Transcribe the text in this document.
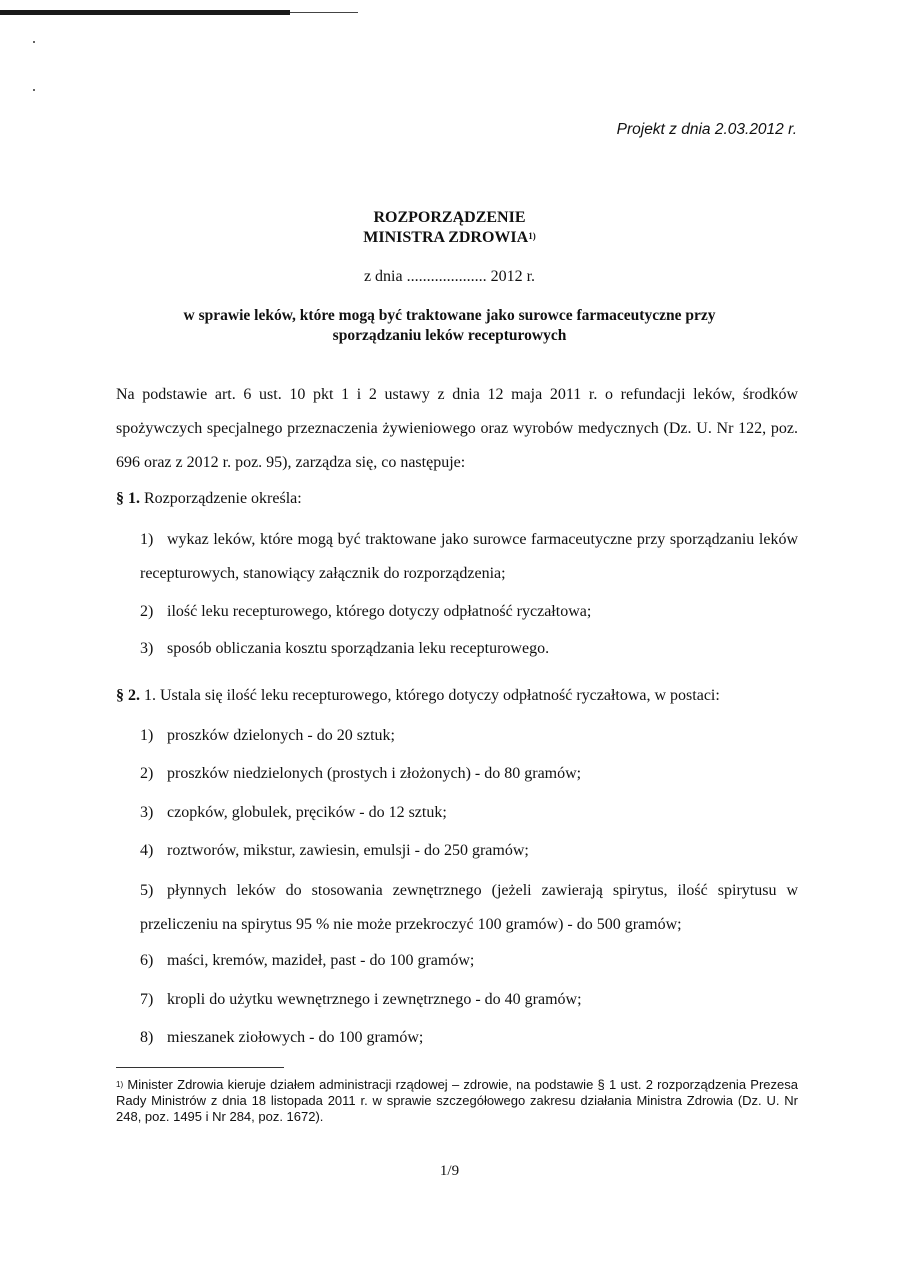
Projekt z dnia 2.03.2012 r.
ROZPORZĄDZENIE
MINISTRA ZDROWIA$^{1)}$
z dnia .................... 2012 r.
w sprawie leków, które mogą być traktowane jako surowce farmaceutyczne przy
sporządzaniu leków recepturowych
Na podstawie art. 6 ust. 10 pkt 1 i 2 ustawy z dnia 12 maja 2011 r. o refundacji leków, środków spożywczych specjalnego przeznaczenia żywieniowego oraz wyrobów medycznych (Dz. U. Nr 122, poz. 696 oraz z 2012 r. poz. 95), zarządza się, co następuje:
§ 1. Rozporządzenie określa:
1) wykaz leków, które mogą być traktowane jako surowce farmaceutyczne przy sporządzaniu leków recepturowych, stanowiący załącznik do rozporządzenia;
2) ilość leku recepturowego, którego dotyczy odpłatność ryczałtowa;
3) sposób obliczania kosztu sporządzania leku recepturowego.
§ 2. 1. Ustala się ilość leku recepturowego, którego dotyczy odpłatność ryczałtowa, w postaci:
1) proszków dzielonych - do 20 sztuk;
2) proszków niedzielonych (prostych i złożonych) - do 80 gramów;
3) czopków, globulek, pręcików - do 12 sztuk;
4) roztworów, mikstur, zawiesin, emulsji - do 250 gramów;
5) płynnych leków do stosowania zewnętrznego (jeżeli zawierają spirytus, ilość spirytusu w przeliczeniu na spirytus 95 % nie może przekroczyć 100 gramów) - do 500 gramów;
6) maści, kremów, mazideł, past - do 100 gramów;
7) kropli do użytku wewnętrznego i zewnętrznego - do 40 gramów;
8) mieszanek ziołowych - do 100 gramów;
$^{1)}$ Minister Zdrowia kieruje działem administracji rządowej – zdrowie, na podstawie § 1 ust. 2 rozporządzenia Prezesa Rady Ministrów z dnia 18 listopada 2011 r. w sprawie szczegółowego zakresu działania Ministra Zdrowia (Dz. U. Nr 248, poz. 1495 i Nr 284, poz. 1672).
1/9
